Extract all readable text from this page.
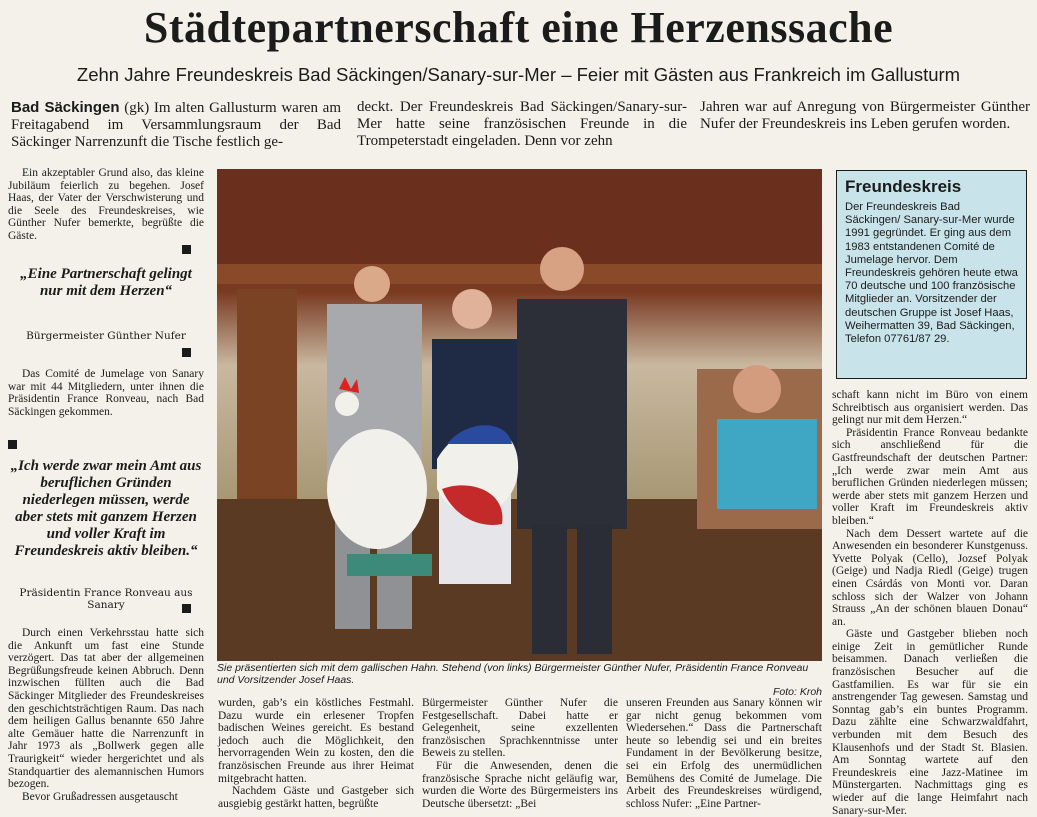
Städtepartnerschaft eine Herzenssache

Zehn Jahre Freundeskreis Bad Säckingen/Sanary-sur-Mer – Feier mit Gästen aus Frankreich im Gallusturm

Bad Säckingen (gk) Im alten Gallusturm waren am Freitagabend im Versammlungsraum der Bad Säckinger Narrenzunft die Tische festlich ge-
deckt. Der Freundeskreis Bad Säckingen/Sanary-sur-Mer hatte seine französischen Freunde in die Trompeterstadt eingeladen. Denn vor zehn
Jahren war auf Anregung von Bürgermeister Günther Nufer der Freundeskreis ins Leben gerufen worden.

Ein akzeptabler Grund also, das kleine Jubiläum feierlich zu begehen. Josef Haas, der Vater der Verschwisterung und die Seele des Freundeskreises, wie Günther Nufer bemerkte, begrüßte die Gäste.

„Eine Partnerschaft gelingt nur mit dem Herzen“
Bürgermeister Günther Nufer

Das Comité de Jumelage von Sanary war mit 44 Mitgliedern, unter ihnen die Präsidentin France Ronveau, nach Bad Säckingen gekommen.

„Ich werde zwar mein Amt aus beruflichen Gründen niederlegen müssen, werde aber stets mit ganzem Herzen und voller Kraft im Freundeskreis aktiv bleiben.“
Präsidentin France Ronveau aus Sanary

Durch einen Verkehrsstau hatte sich die Ankunft um fast eine Stunde verzögert. Das tat aber der allgemeinen Begrüßungsfreude keinen Abbruch. Denn inzwischen füllten auch die Bad Säckinger Mitglieder des Freundeskreises den geschichtsträchtigen Raum. Das nach dem heiligen Gallus benannte 650 Jahre alte Gemäuer hatte die Narrenzunft in Jahr 1973 als „Bollwerk gegen alle Traurigkeit“ wieder hergerichtet und als Standquartier des alemannischen Humors bezogen.

Bevor Grußadressen ausgetauscht

Sie präsentierten sich mit dem gallischen Hahn. Stehend (von links) Bürgermeister Günther Nufer, Präsidentin France Ronveau und Vorsitzender Josef Haas.
Foto: Kroh

wurden, gab’s ein köstliches Festmahl. Dazu wurde ein erlesener Tropfen badischen Weines gereicht. Es bestand jedoch auch die Möglichkeit, den hervorragenden Wein zu kosten, den die französischen Freunde aus ihrer Heimat mitgebracht hatten.

Nachdem Gäste und Gastgeber sich ausgiebig gestärkt hatten, begrüßte

Bürgermeister Günther Nufer die Festgesellschaft. Dabei hatte er Gelegenheit, seine exzellenten französischen Sprachkenntnisse unter Beweis zu stellen.

Für die Anwesenden, denen die französische Sprache nicht geläufig war, wurden die Worte des Bürgermeisters ins Deutsche übersetzt: „Bei

unseren Freunden aus Sanary können wir gar nicht genug bekommen vom Wiedersehen.“ Dass die Partnerschaft heute so lebendig sei und ein breites Fundament in der Bevölkerung besitze, sei ein Erfolg des unermüdlichen Bemühens des Comité de Jumelage. Die Arbeit des Freundeskreises würdigend, schloss Nufer: „Eine Partner-

Freundeskreis

Der Freundeskreis Bad Säckingen/ Sanary-sur-Mer wurde 1991 gegründet. Er ging aus dem 1983 entstandenen Comité de Jumelage hervor. Dem Freundeskreis gehören heute etwa 70 deutsche und 100 französische Mitglieder an. Vorsitzender der deutschen Gruppe ist Josef Haas, Weihermatten 39, Bad Säckingen, Telefon 07761/87 29.

schaft kann nicht im Büro von einem Schreibtisch aus organisiert werden. Das gelingt nur mit dem Herzen.“

Präsidentin France Ronveau bedankte sich anschließend für die Gastfreundschaft der deutschen Partner: „Ich werde zwar mein Amt aus beruflichen Gründen niederlegen müssen; werde aber stets mit ganzem Herzen und voller Kraft im Freundeskreis aktiv bleiben.“

Nach dem Dessert wartete auf die Anwesenden ein besonderer Kunstgenuss. Yvette Polyak (Cello), Jozsef Polyak (Geige) und Nadja Riedl (Geige) trugen einen Csárdás von Monti vor. Daran schloss sich der Walzer von Johann Strauss „An der schönen blauen Donau“ an.

Gäste und Gastgeber blieben noch einige Zeit in gemütlicher Runde beisammen. Danach verließen die französischen Besucher auf die Gastfamilien. Es war für sie ein anstrengender Tag gewesen. Samstag und Sonntag gab’s ein buntes Programm. Dazu zählte eine Schwarzwaldfahrt, verbunden mit dem Besuch des Klausenhofs und der Stadt St. Blasien. Am Sonntag wartete auf den Freundeskreis eine Jazz-Matinee im Münstergarten. Nachmittags ging es wieder auf die lange Heimfahrt nach Sanary-sur-Mer.
